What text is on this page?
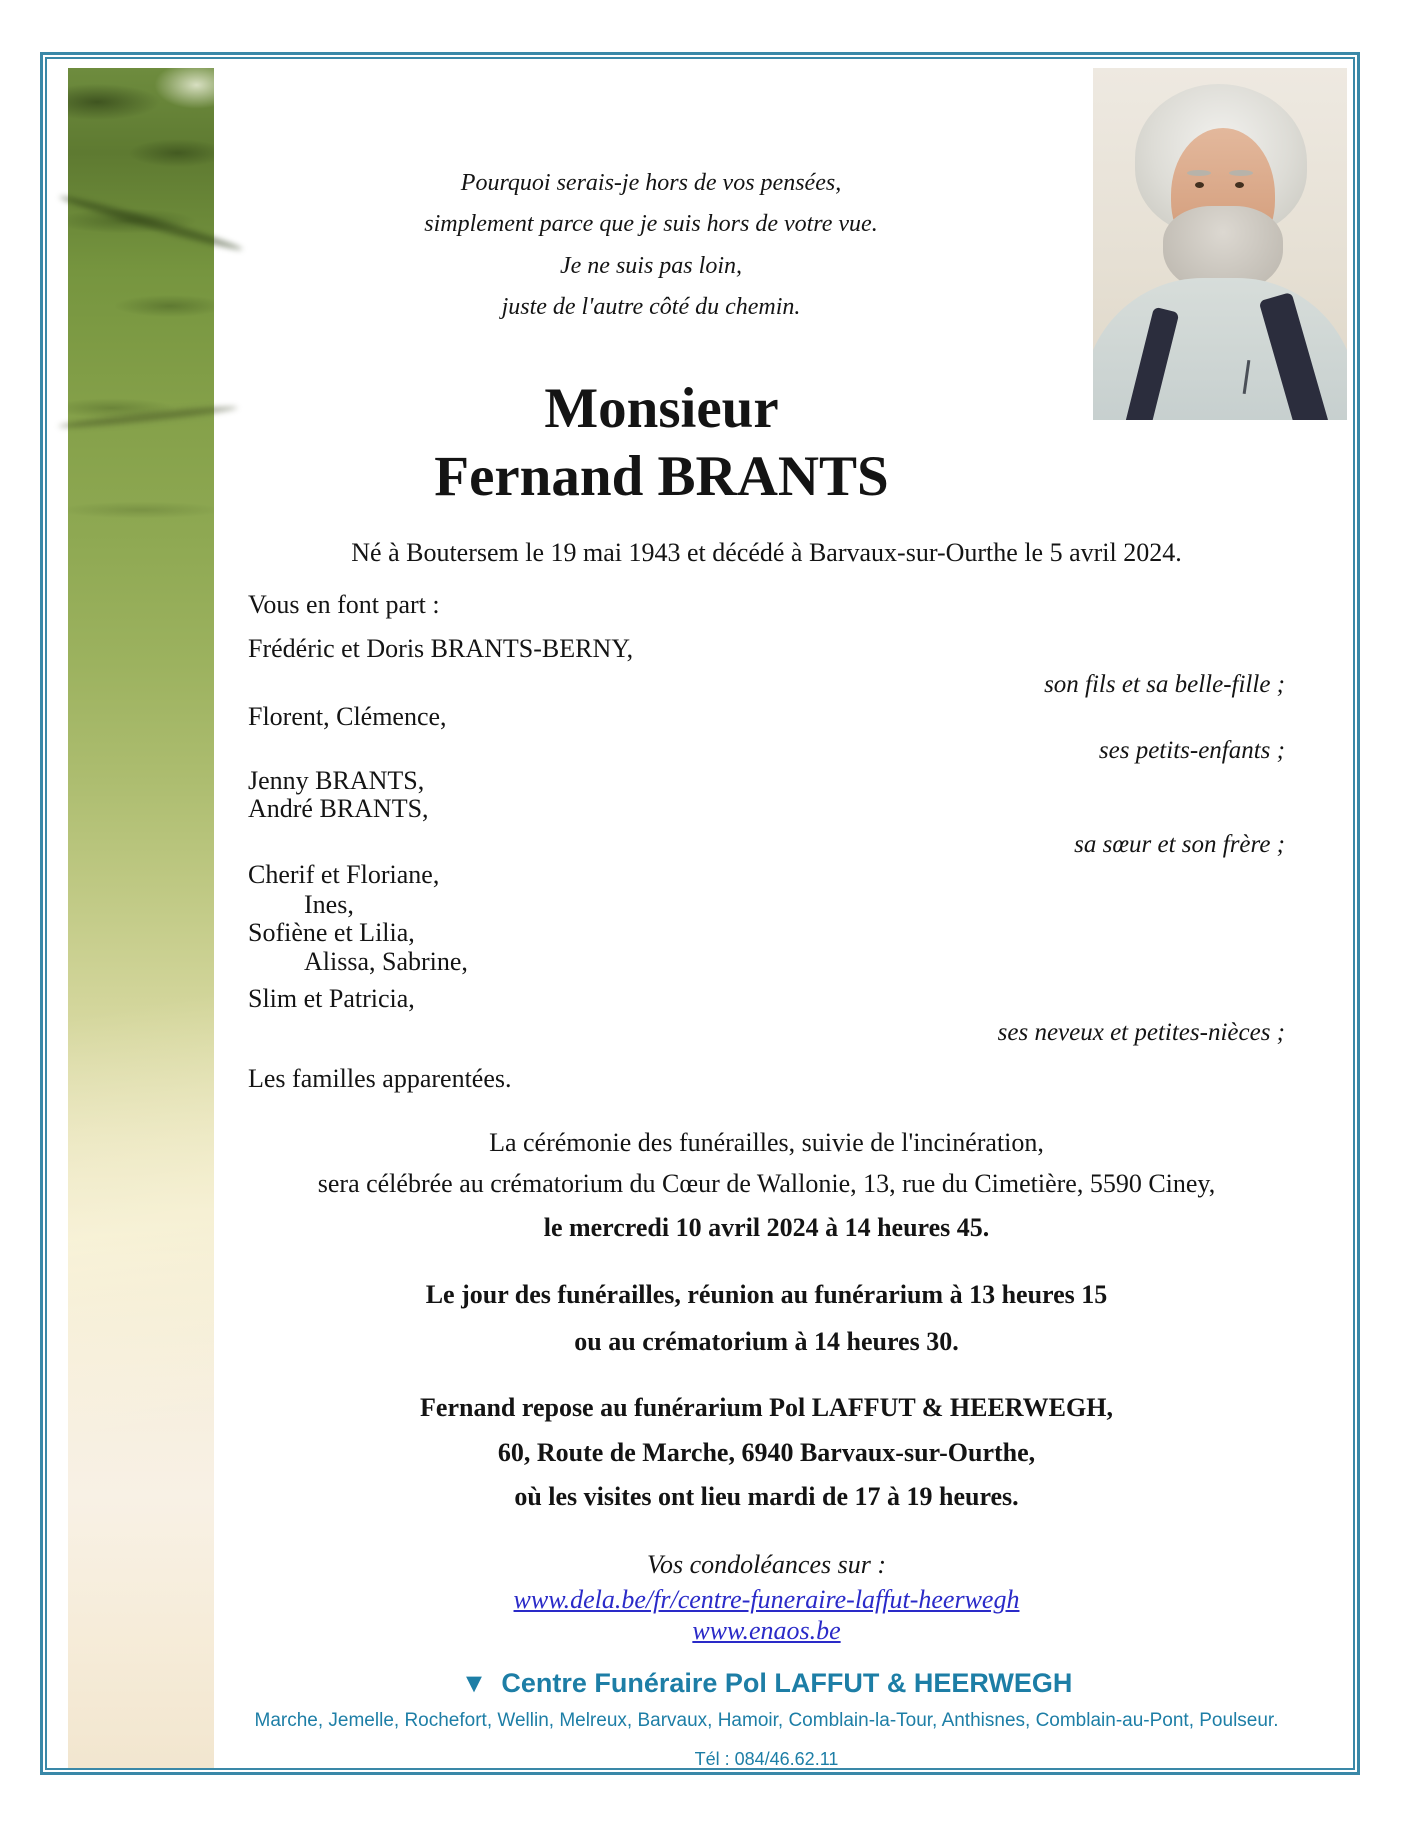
Pourquoi serais-je hors de vos pensées,
simplement parce que je suis hors de votre vue.
Je ne suis pas loin,
juste de l'autre côté du chemin.
Monsieur
Fernand BRANTS
Né à Boutersem le 19 mai 1943 et décédé à Barvaux-sur-Ourthe le 5 avril 2024.
Vous en font part :
Frédéric et Doris BRANTS-BERNY,
son fils et sa belle-fille ;
Florent, Clémence,
ses petits-enfants ;
Jenny BRANTS,
André BRANTS,
sa sœur et son frère ;
Cherif et Floriane,
Ines,
Sofiène et Lilia,
Alissa, Sabrine,
Slim et Patricia,
ses neveux et petites-nièces ;
Les familles apparentées.
La cérémonie des funérailles, suivie de l'incinération,
sera célébrée au crématorium du Cœur de Wallonie, 13, rue du Cimetière, 5590 Ciney,
le mercredi 10 avril 2024 à 14 heures 45.
Le jour des funérailles, réunion au funérarium à 13 heures 15
ou au crématorium à 14 heures 30.
Fernand repose au funérarium Pol LAFFUT & HEERWEGH,
60, Route de Marche, 6940 Barvaux-sur-Ourthe,
où les visites ont lieu mardi de 17 à 19 heures.
Vos condoléances sur :
www.dela.be/fr/centre-funeraire-laffut-heerwegh
www.enaos.be
▼ Centre Funéraire Pol LAFFUT & HEERWEGH
Marche, Jemelle, Rochefort, Wellin, Melreux, Barvaux, Hamoir, Comblain-la-Tour, Anthisnes, Comblain-au-Pont, Poulseur.
Tél : 084/46.62.11
